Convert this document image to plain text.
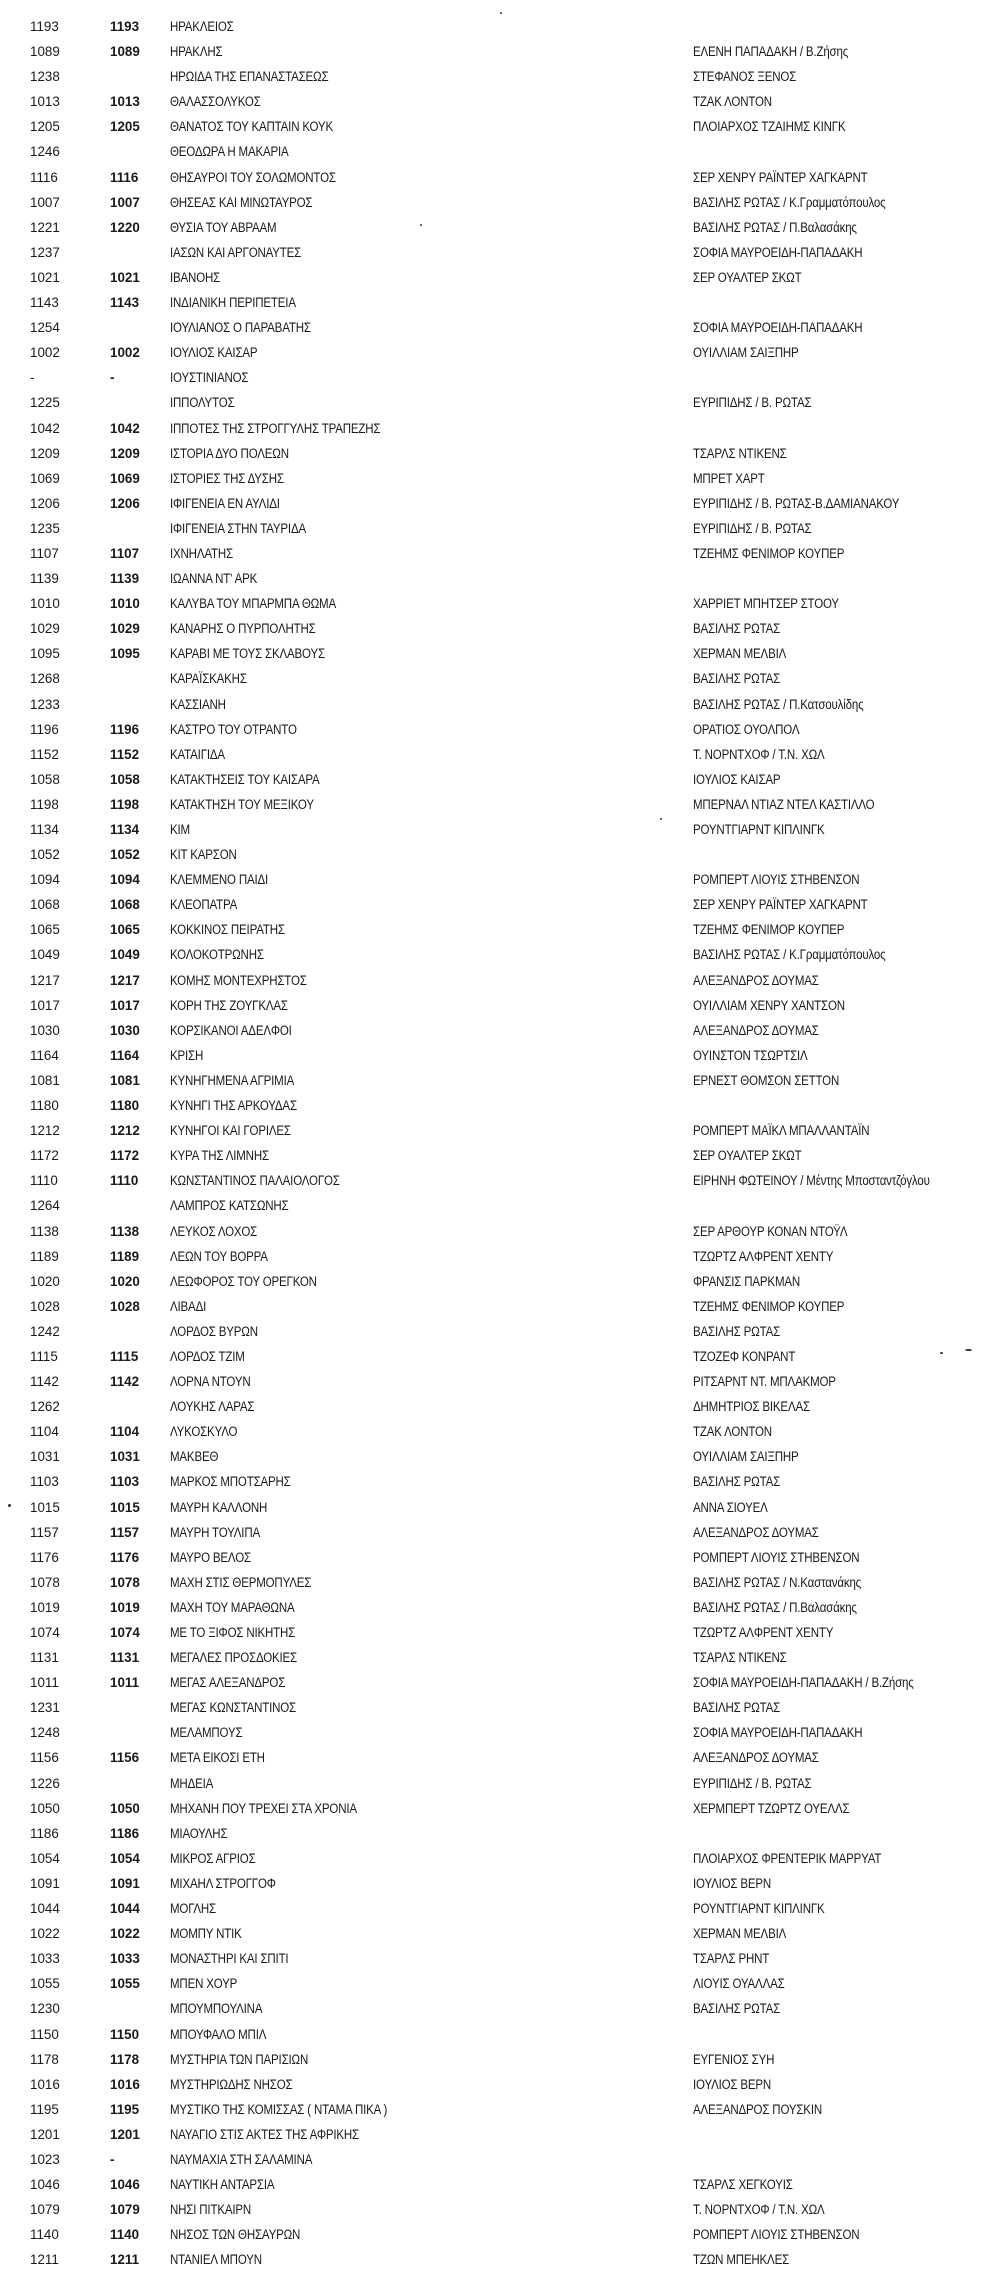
1193	1193 ΗΡΑΚΛΕΙΟΣ
1089	1089 ΗΡΑΚΛΗΣ	ΕΛΕΝΗ ΠΑΠΑΔΑΚΗ / Β.Ζήσης
1238	ΗΡΩΙΔΑ ΤΗΣ ΕΠΑΝΑΣΤΑΣΕΩΣ	ΣΤΕΦΑΝΟΣ ΞΕΝΟΣ
1013	1013 ΘΑΛΑΣΣΟΛΥΚΟΣ	ΤΖΑΚ ΛΟΝΤΟΝ
1205	1205 ΘΑΝΑΤΟΣ ΤΟΥ ΚΑΠΤΑΙΝ ΚΟΥΚ	ΠΛΟΙΑΡΧΟΣ ΤΖΑΙΗΜΣ ΚΙΝΓΚ
1246	ΘΕΟΔΩΡΑ Η ΜΑΚΑΡΙΑ
1116	1116 ΘΗΣΑΥΡΟΙ ΤΟΥ ΣΟΛΩΜΟΝΤΟΣ	ΣΕΡ ΧΕΝΡΥ ΡΑΪΝΤΕΡ ΧΑΓΚΑΡΝΤ
1007	1007 ΘΗΣΕΑΣ ΚΑΙ ΜΙΝΩΤΑΥΡΟΣ	ΒΑΣΙΛΗΣ ΡΩΤΑΣ / Κ.Γραμματόπουλος
1221	1220 ΘΥΣΙΑ ΤΟΥ ΑΒΡΑΑΜ	ΒΑΣΙΛΗΣ ΡΩΤΑΣ / Π.Βαλασάκης
1237	ΙΑΣΩΝ ΚΑΙ ΑΡΓΟΝΑΥΤΕΣ	ΣΟΦΙΑ ΜΑΥΡΟΕΙΔΗ-ΠΑΠΑΔΑΚΗ
1021	1021 ΙΒΑΝΟΗΣ	ΣΕΡ ΟΥΑΛΤΕΡ ΣΚΩΤ
1143	1143 ΙΝΔΙΑΝΙΚΗ ΠΕΡΙΠΕΤΕΙΑ
1254	ΙΟΥΛΙΑΝΟΣ Ο ΠΑΡΑΒΑΤΗΣ	ΣΟΦΙΑ ΜΑΥΡΟΕΙΔΗ-ΠΑΠΑΔΑΚΗ
1002	1002 ΙΟΥΛΙΟΣ ΚΑΙΣΑΡ	ΟΥΙΛΛΙΑΜ ΣΑΙΞΠΗΡ
-	-	ΙΟΥΣΤΙΝΙΑΝΟΣ
1225	ΙΠΠΟΛΥΤΟΣ	ΕΥΡΙΠΙΔΗΣ / Β. ΡΩΤΑΣ
1042	1042 ΙΠΠΟΤΕΣ ΤΗΣ ΣΤΡΟΓΓΥΛΗΣ ΤΡΑΠΕΖΗΣ
1209	1209 ΙΣΤΟΡΙΑ ΔΥΟ ΠΟΛΕΩΝ	ΤΣΑΡΛΣ ΝΤΙΚΕΝΣ
1069	1069 ΙΣΤΟΡΙΕΣ ΤΗΣ ΔΥΣΗΣ	ΜΠΡΕΤ ΧΑΡΤ
1206	1206 ΙΦΙΓΕΝΕΙΑ ΕΝ ΑΥΛΙΔΙ	ΕΥΡΙΠΙΔΗΣ / Β. ΡΩΤΑΣ-Β.ΔΑΜΙΑΝΑΚΟΥ
1235	ΙΦΙΓΕΝΕΙΑ ΣΤΗΝ ΤΑΥΡΙΔΑ	ΕΥΡΙΠΙΔΗΣ / Β. ΡΩΤΑΣ
1107	1107 ΙΧΝΗΛΑΤΗΣ	ΤΖΕΗΜΣ ΦΕΝΙΜΟΡ ΚΟΥΠΕΡ
1139	1139 ΙΩΑΝΝΑ ΝΤ' ΑΡΚ
1010	1010 ΚΑΛΥΒΑ ΤΟΥ ΜΠΑΡΜΠΑ ΘΩΜΑ	ΧΑΡΡΙΕΤ ΜΠΗΤΣΕΡ ΣΤΟΟΥ
1029	1029 ΚΑΝΑΡΗΣ Ο ΠΥΡΠΟΛΗΤΗΣ	ΒΑΣΙΛΗΣ ΡΩΤΑΣ
1095	1095 ΚΑΡΑΒΙ ΜΕ ΤΟΥΣ ΣΚΛΑΒΟΥΣ	ΧΕΡΜΑΝ ΜΕΛΒΙΛ
1268	ΚΑΡΑΪΣΚΑΚΗΣ	ΒΑΣΙΛΗΣ ΡΩΤΑΣ
1233	ΚΑΣΣΙΑΝΗ	ΒΑΣΙΛΗΣ ΡΩΤΑΣ / Π.Κατσουλίδης
1196	1196 ΚΑΣΤΡΟ ΤΟΥ ΟΤΡΑΝΤΟ	ΟΡΑΤΙΟΣ ΟΥΟΛΠΟΛ
1152	1152 ΚΑΤΑΙΓΙΔΑ	Τ. ΝΟΡΝΤΧΟΦ / Τ.Ν. ΧΩΛ
1058	1058 ΚΑΤΑΚΤΗΣΕΙΣ ΤΟΥ ΚΑΙΣΑΡΑ	ΙΟΥΛΙΟΣ ΚΑΙΣΑΡ
1198	1198 ΚΑΤΑΚΤΗΣΗ ΤΟΥ ΜΕΞΙΚΟΥ	ΜΠΕΡΝΑΛ ΝΤΙΑΖ ΝΤΕΛ ΚΑΣΤΙΛΛΟ
1134	1134 ΚΙΜ	ΡΟΥΝΤΓΙΑΡΝΤ ΚΙΠΛΙΝΓΚ
1052	1052 ΚΙΤ ΚΑΡΣΟΝ
1094	1094 ΚΛΕΜΜΕΝΟ ΠΑΙΔΙ	ΡΟΜΠΕΡΤ ΛΙΟΥΙΣ ΣΤΗΒΕΝΣΟΝ
1068	1068 ΚΛΕΟΠΑΤΡΑ	ΣΕΡ ΧΕΝΡΥ ΡΑΪΝΤΕΡ ΧΑΓΚΑΡΝΤ
1065	1065 ΚΟΚΚΙΝΟΣ ΠΕΙΡΑΤΗΣ	ΤΖΕΗΜΣ ΦΕΝΙΜΟΡ ΚΟΥΠΕΡ
1049	1049 ΚΟΛΟΚΟΤΡΩΝΗΣ	ΒΑΣΙΛΗΣ ΡΩΤΑΣ / Κ.Γραμματόπουλος
1217	1217 ΚΟΜΗΣ ΜΟΝΤΕΧΡΗΣΤΟΣ	ΑΛΕΞΑΝΔΡΟΣ ΔΟΥΜΑΣ
1017	1017 ΚΟΡΗ ΤΗΣ ΖΟΥΓΚΛΑΣ	ΟΥΙΛΛΙΑΜ ΧΕΝΡΥ ΧΑΝΤΣΟΝ
1030	1030 ΚΟΡΣΙΚΑΝΟΙ ΑΔΕΛΦΟΙ	ΑΛΕΞΑΝΔΡΟΣ ΔΟΥΜΑΣ
1164	1164 ΚΡΙΣΗ	ΟΥΙΝΣΤΟΝ ΤΣΩΡΤΣΙΛ
1081	1081 ΚΥΝΗΓΗΜΕΝΑ ΑΓΡΙΜΙΑ	ΕΡΝΕΣΤ ΘΟΜΣΟΝ ΣΕΤΤΟΝ
1180	1180 ΚΥΝΗΓΙ ΤΗΣ ΑΡΚΟΥΔΑΣ
1212	1212 ΚΥΝΗΓΟΙ ΚΑΙ ΓΟΡΙΛΕΣ	ΡΟΜΠΕΡΤ ΜΑΪΚΛ ΜΠΑΛΛΑΝΤΑΪΝ
1172	1172 ΚΥΡΑ ΤΗΣ ΛΙΜΝΗΣ	ΣΕΡ ΟΥΑΛΤΕΡ ΣΚΩΤ
1110	1110 ΚΩΝΣΤΑΝΤΙΝΟΣ ΠΑΛΑΙΟΛΟΓΟΣ	ΕΙΡΗΝΗ ΦΩΤΕΙΝΟΥ / Μέντης Μποσταντζόγλου
1264	ΛΑΜΠΡΟΣ ΚΑΤΣΩΝΗΣ
1138	1138 ΛΕΥΚΟΣ ΛΟΧΟΣ	ΣΕΡ ΑΡΘΟΥΡ ΚΟΝΑΝ ΝΤΟΫΛ
1189	1189 ΛΕΩΝ ΤΟΥ ΒΟΡΡΑ	ΤΖΩΡΤΖ ΑΛΦΡΕΝΤ ΧΕΝΤΥ
1020	1020 ΛΕΩΦΟΡΟΣ ΤΟΥ ΟΡΕΓΚΟΝ	ΦΡΑΝΣΙΣ ΠΑΡΚΜΑΝ
1028	1028 ΛΙΒΑΔΙ	ΤΖΕΗΜΣ ΦΕΝΙΜΟΡ ΚΟΥΠΕΡ
1242	ΛΟΡΔΟΣ ΒΥΡΩΝ	ΒΑΣΙΛΗΣ ΡΩΤΑΣ
1115	1115 ΛΟΡΔΟΣ ΤΖΙΜ	ΤΖΟΖΕΦ ΚΟΝΡΑΝΤ
1142	1142 ΛΟΡΝΑ ΝΤΟΥΝ	ΡΙΤΣΑΡΝΤ ΝΤ. ΜΠΛΑΚΜΟΡ
1262	ΛΟΥΚΗΣ ΛΑΡΑΣ	ΔΗΜΗΤΡΙΟΣ ΒΙΚΕΛΑΣ
1104	1104 ΛΥΚΟΣΚΥΛΟ	ΤΖΑΚ ΛΟΝΤΟΝ
1031	1031 ΜΑΚΒΕΘ	ΟΥΙΛΛΙΑΜ ΣΑΙΞΠΗΡ
1103	1103 ΜΑΡΚΟΣ ΜΠΟΤΣΑΡΗΣ	ΒΑΣΙΛΗΣ ΡΩΤΑΣ
1015	1015 ΜΑΥΡΗ ΚΑΛΛΟΝΗ	ΑΝΝΑ ΣΙΟΥΕΛ
1157	1157 ΜΑΥΡΗ ΤΟΥΛΙΠΑ	ΑΛΕΞΑΝΔΡΟΣ ΔΟΥΜΑΣ
1176	1176 ΜΑΥΡΟ ΒΕΛΟΣ	ΡΟΜΠΕΡΤ ΛΙΟΥΙΣ ΣΤΗΒΕΝΣΟΝ
1078	1078 ΜΑΧΗ ΣΤΙΣ ΘΕΡΜΟΠΥΛΕΣ	ΒΑΣΙΛΗΣ ΡΩΤΑΣ / Ν.Καστανάκης
1019	1019 ΜΑΧΗ ΤΟΥ ΜΑΡΑΘΩΝΑ	ΒΑΣΙΛΗΣ ΡΩΤΑΣ / Π.Βαλασάκης
1074	1074 ΜΕ ΤΟ ΞΙΦΟΣ ΝΙΚΗΤΗΣ	ΤΖΩΡΤΖ ΑΛΦΡΕΝΤ ΧΕΝΤΥ
1131	1131 ΜΕΓΑΛΕΣ ΠΡΟΣΔΟΚΙΕΣ	ΤΣΑΡΛΣ ΝΤΙΚΕΝΣ
1011	1011 ΜΕΓΑΣ ΑΛΕΞΑΝΔΡΟΣ	ΣΟΦΙΑ ΜΑΥΡΟΕΙΔΗ-ΠΑΠΑΔΑΚΗ / Β.Ζήσης
1231	ΜΕΓΑΣ ΚΩΝΣΤΑΝΤΙΝΟΣ	ΒΑΣΙΛΗΣ ΡΩΤΑΣ
1248	ΜΕΛΑΜΠΟΥΣ	ΣΟΦΙΑ ΜΑΥΡΟΕΙΔΗ-ΠΑΠΑΔΑΚΗ
1156	1156 ΜΕΤΑ ΕΙΚΟΣΙ ΕΤΗ	ΑΛΕΞΑΝΔΡΟΣ ΔΟΥΜΑΣ
1226	ΜΗΔΕΙΑ	ΕΥΡΙΠΙΔΗΣ / Β. ΡΩΤΑΣ
1050	1050 ΜΗΧΑΝΗ ΠΟΥ ΤΡΕΧΕΙ ΣΤΑ ΧΡΟΝΙΑ	ΧΕΡΜΠΕΡΤ ΤΖΩΡΤΖ ΟΥΕΛΛΣ
1186	1186 ΜΙΑΟΥΛΗΣ
1054	1054 ΜΙΚΡΟΣ ΑΓΡΙΟΣ	ΠΛΟΙΑΡΧΟΣ ΦΡΕΝΤΕΡΙΚ ΜΑΡΡΥΑΤ
1091	1091 ΜΙΧΑΗΛ ΣΤΡΟΓΓΟΦ	ΙΟΥΛΙΟΣ ΒΕΡΝ
1044	1044 ΜΟΓΛΗΣ	ΡΟΥΝΤΓΙΑΡΝΤ ΚΙΠΛΙΝΓΚ
1022	1022 ΜΟΜΠΥ ΝΤΙΚ	ΧΕΡΜΑΝ ΜΕΛΒΙΛ
1033	1033 ΜΟΝΑΣΤΗΡΙ ΚΑΙ ΣΠΙΤΙ	ΤΣΑΡΛΣ ΡΗΝΤ
1055	1055 ΜΠΕΝ ΧΟΥΡ	ΛΙΟΥΙΣ ΟΥΑΛΛΑΣ
1230	ΜΠΟΥΜΠΟΥΛΙΝΑ	ΒΑΣΙΛΗΣ ΡΩΤΑΣ
1150	1150 ΜΠΟΥΦΑΛΟ ΜΠΙΛ
1178	1178 ΜΥΣΤΗΡΙΑ ΤΩΝ ΠΑΡΙΣΙΩΝ	ΕΥΓΕΝΙΟΣ ΣΥΗ
1016	1016 ΜΥΣΤΗΡΙΩΔΗΣ ΝΗΣΟΣ	ΙΟΥΛΙΟΣ ΒΕΡΝ
1195	1195 ΜΥΣΤΙΚΟ ΤΗΣ ΚΟΜΙΣΣΑΣ ( ΝΤΑΜΑ ΠΙΚΑ )	ΑΛΕΞΑΝΔΡΟΣ ΠΟΥΣΚΙΝ
1201	1201 ΝΑΥΑΓΙΟ ΣΤΙΣ ΑΚΤΕΣ ΤΗΣ ΑΦΡΙΚΗΣ
1023	-	ΝΑΥΜΑΧΙΑ ΣΤΗ ΣΑΛΑΜΙΝΑ
1046	1046 ΝΑΥΤΙΚΗ ΑΝΤΑΡΣΙΑ	ΤΣΑΡΛΣ ΧΕΓΚΟΥΙΣ
1079	1079 ΝΗΣΙ ΠΙΤΚΑΙΡΝ	Τ. ΝΟΡΝΤΧΟΦ / Τ.Ν. ΧΩΛ
1140	1140 ΝΗΣΟΣ ΤΩΝ ΘΗΣΑΥΡΩΝ	ΡΟΜΠΕΡΤ ΛΙΟΥΙΣ ΣΤΗΒΕΝΣΟΝ
1211	1211 ΝΤΑΝΙΕΛ ΜΠΟΥΝ	ΤΖΩΝ ΜΠΕΗΚΛΕΣ
